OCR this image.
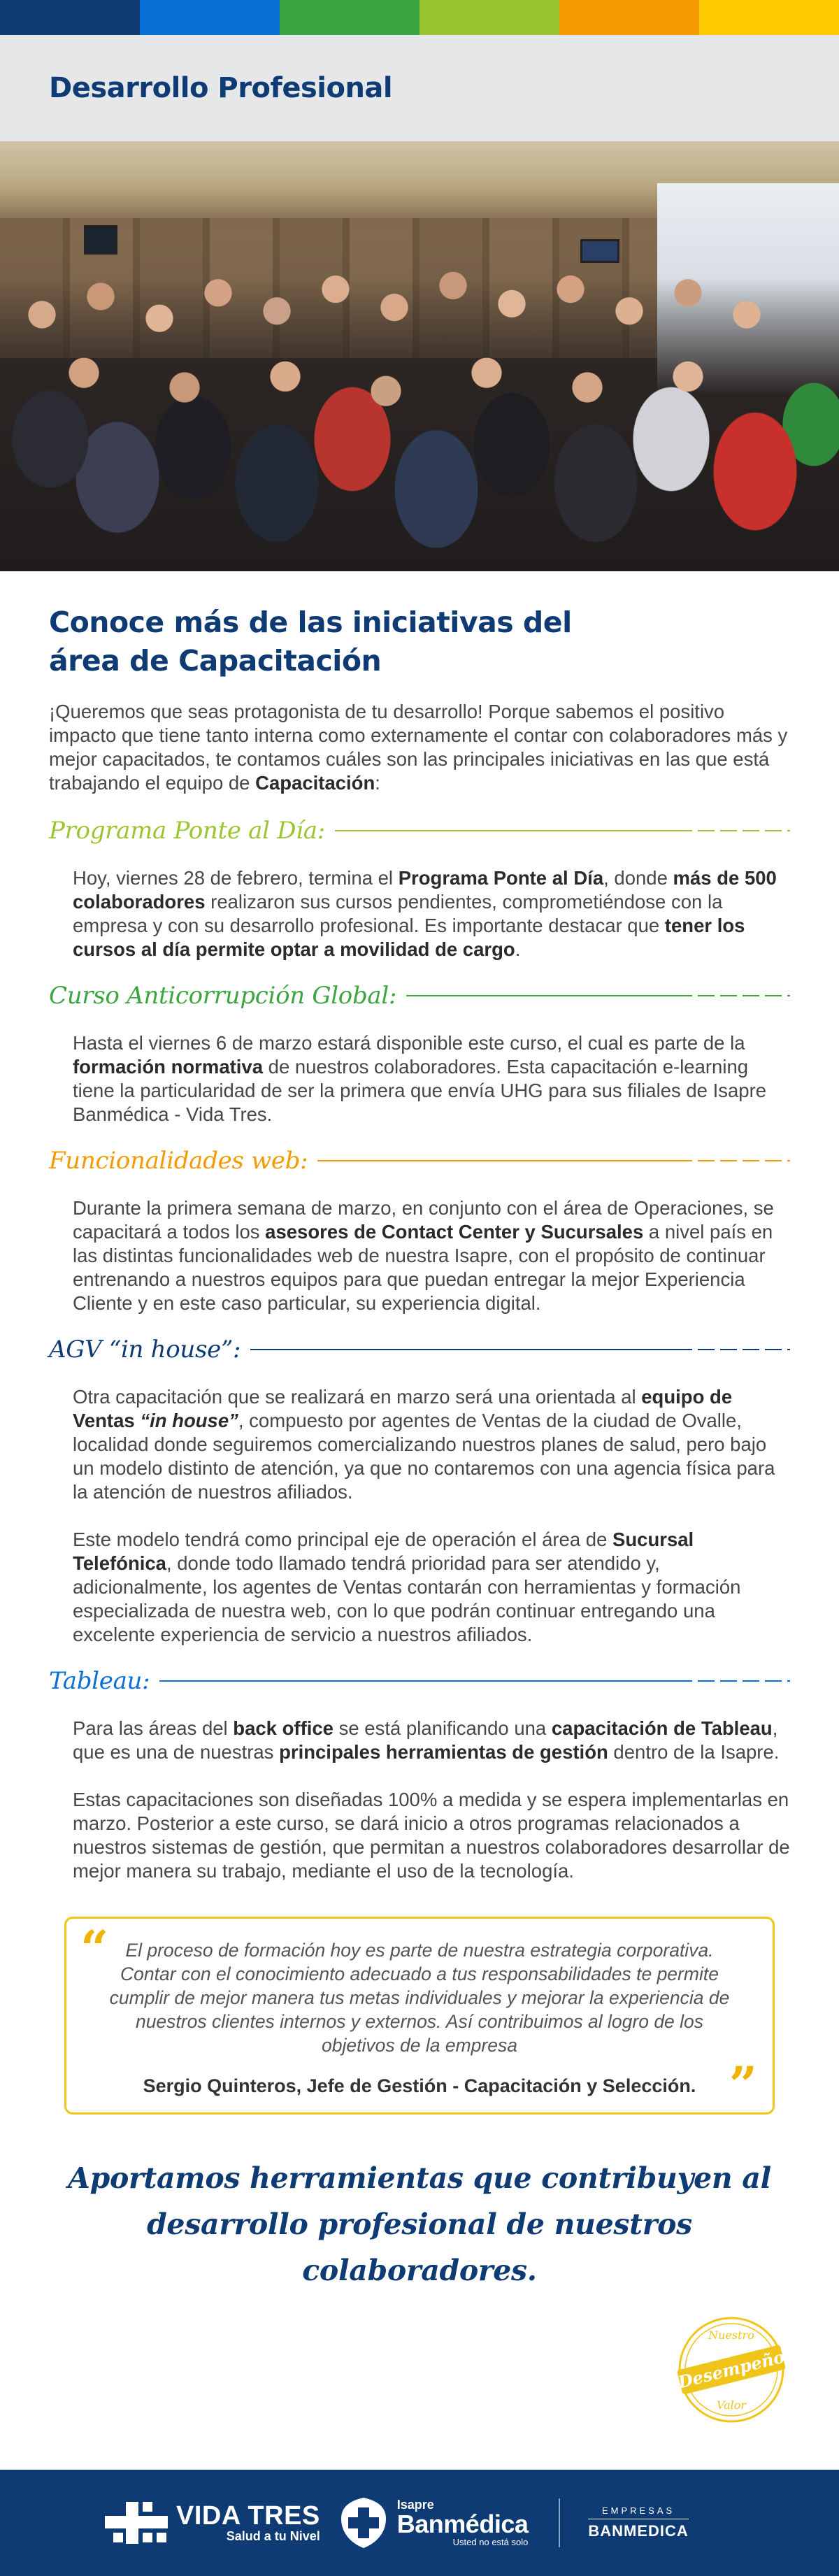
Desarrollo Profesional
Conoce más de las iniciativas del
área de Capacitación

¡Queremos que seas protagonista de tu desarrollo! Porque sabemos el positivo impacto que tiene tanto interna como externamente el contar con colaboradores más y mejor capacitados, te contamos cuáles son las principales iniciativas en las que está trabajando el equipo de Capacitación:

Programa Ponte al Día:

Hoy, viernes 28 de febrero, termina el Programa Ponte al Día, donde más de 500 colaboradores realizaron sus cursos pendientes, comprometiéndose con la empresa y con su desarrollo profesional. Es importante destacar que tener los cursos al día permite optar a movilidad de cargo.

Curso Anticorrupción Global:

Hasta el viernes 6 de marzo estará disponible este curso, el cual es parte de la formación normativa de nuestros colaboradores. Esta capacitación e-learning tiene la particularidad de ser la primera que envía UHG para sus filiales de Isapre Banmédica - Vida Tres.

Funcionalidades web:

Durante la primera semana de marzo, en conjunto con el área de Operaciones, se capacitará a todos los asesores de Contact Center y Sucursales a nivel país en las distintas funcionalidades web de nuestra Isapre, con el propósito de continuar entrenando a nuestros equipos para que puedan entregar la mejor Experiencia Cliente y en este caso particular, su experiencia digital.

AGV “in house”:

Otra capacitación que se realizará en marzo será una orientada al equipo de Ventas “in house”, compuesto por agentes de Ventas de la ciudad de Ovalle, localidad donde seguiremos comercializando nuestros planes de salud, pero bajo un modelo distinto de atención, ya que no contaremos con una agencia física para la atención de nuestros afiliados.

Este modelo tendrá como principal eje de operación el área de Sucursal Telefónica, donde todo llamado tendrá prioridad para ser atendido y, adicionalmente, los agentes de Ventas contarán con herramientas y formación especializada de nuestra web, con lo que podrán continuar entregando una excelente experiencia de servicio a nuestros afiliados.

Tableau:

Para las áreas del back office se está planificando una capacitación de Tableau, que es una de nuestras principales herramientas de gestión dentro de la Isapre.

Estas capacitaciones son diseñadas 100% a medida y se espera implementarlas en marzo. Posterior a este curso, se dará inicio a otros programas relacionados a nuestros sistemas de gestión, que permitan a nuestros colaboradores desarrollar de mejor manera su trabajo, mediante el uso de la tecnología.

“ El proceso de formación hoy es parte de nuestra estrategia corporativa. Contar con el conocimiento adecuado a tus responsabilidades te permite cumplir de mejor manera tus metas individuales y mejorar la experiencia de nuestros clientes internos y externos. Así contribuimos al logro de los objetivos de la empresa

Sergio Quinteros, Jefe de Gestión - Capacitación y Selección. ”
Aportamos herramientas que contribuyen al
desarrollo profesional de nuestros colaboradores.
Nuestro
Desempeño
Valor
VIDA TRES
Salud a tu Nivel
Isapre
Banmédica
Usted no está solo
EMPRESAS
BANMEDICA
